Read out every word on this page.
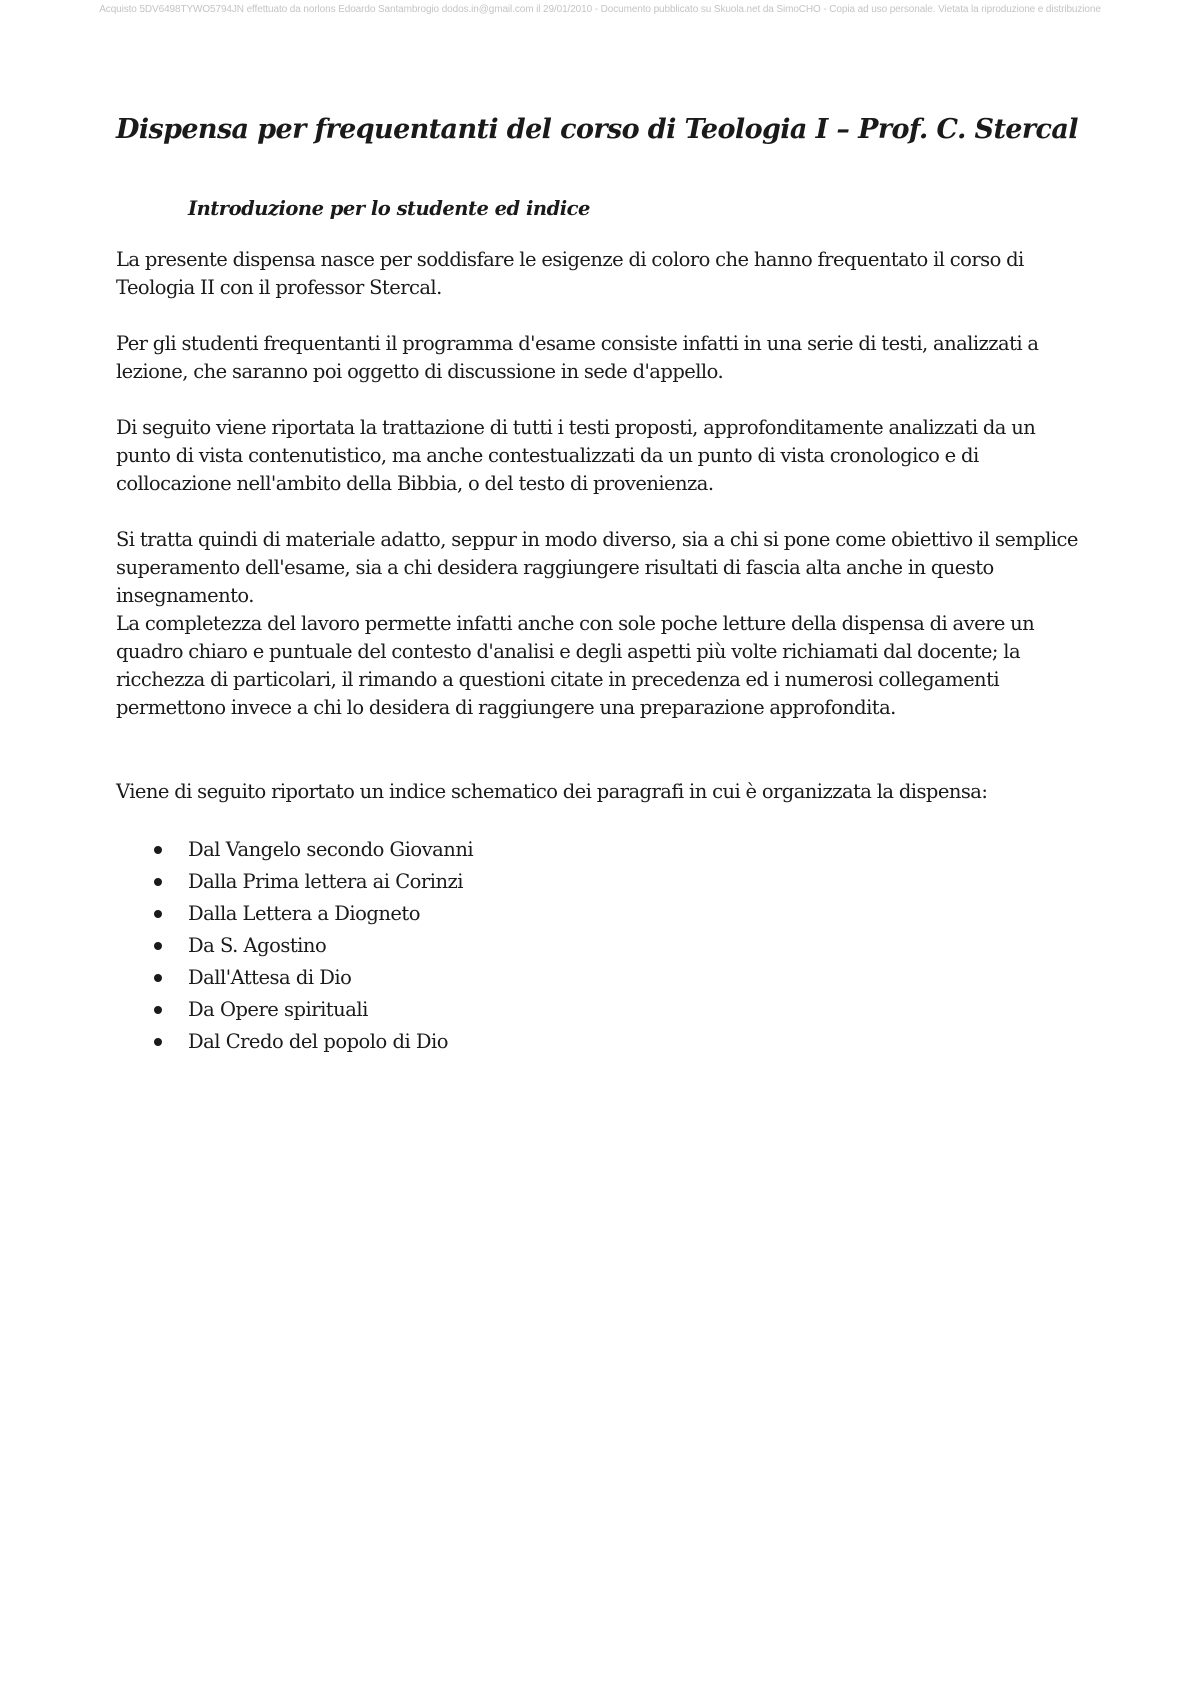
Acquisto 5DV6498TYWO5794JN effettuato da norlons Edoardo Santambrogio dodos.in@gmail.com il 29/01/2010 - Documento pubblicato su Skuola.net da SimoCHO - Copia ad uso personale. Vietata la riproduzione e distribuzione
Dispensa per frequentanti del corso di Teologia I – Prof. C. Stercal
Introduzione per lo studente ed indice

La presente dispensa nasce per soddisfare le esigenze di coloro che hanno frequentato il corso di Teologia II con il professor Stercal.

Per gli studenti frequentanti il programma d'esame consiste infatti in una serie di testi, analizzati a lezione, che saranno poi oggetto di discussione in sede d'appello.

Di seguito viene riportata la trattazione di tutti i testi proposti, approfonditamente analizzati da un punto di vista contenutistico, ma anche contestualizzati da un punto di vista cronologico e di collocazione nell'ambito della Bibbia, o del testo di provenienza.

Si tratta quindi di materiale adatto, seppur in modo diverso, sia a chi si pone come obiettivo il semplice superamento dell'esame, sia a chi desidera raggiungere risultati di fascia alta anche in questo insegnamento.

La completezza del lavoro permette infatti anche con sole poche letture della dispensa di avere un quadro chiaro e puntuale del contesto d'analisi e degli aspetti più volte richiamati dal docente; la ricchezza di particolari, il rimando a questioni citate in precedenza ed i numerosi collegamenti permettono invece a chi lo desidera di raggiungere una preparazione approfondita.

Viene di seguito riportato un indice schematico dei paragrafi in cui è organizzata la dispensa:

Dal Vangelo secondo Giovanni
Dalla Prima lettera ai Corinzi
Dalla Lettera a Diogneto
Da S. Agostino
Dall'Attesa di Dio
Da Opere spirituali
Dal Credo del popolo di Dio
